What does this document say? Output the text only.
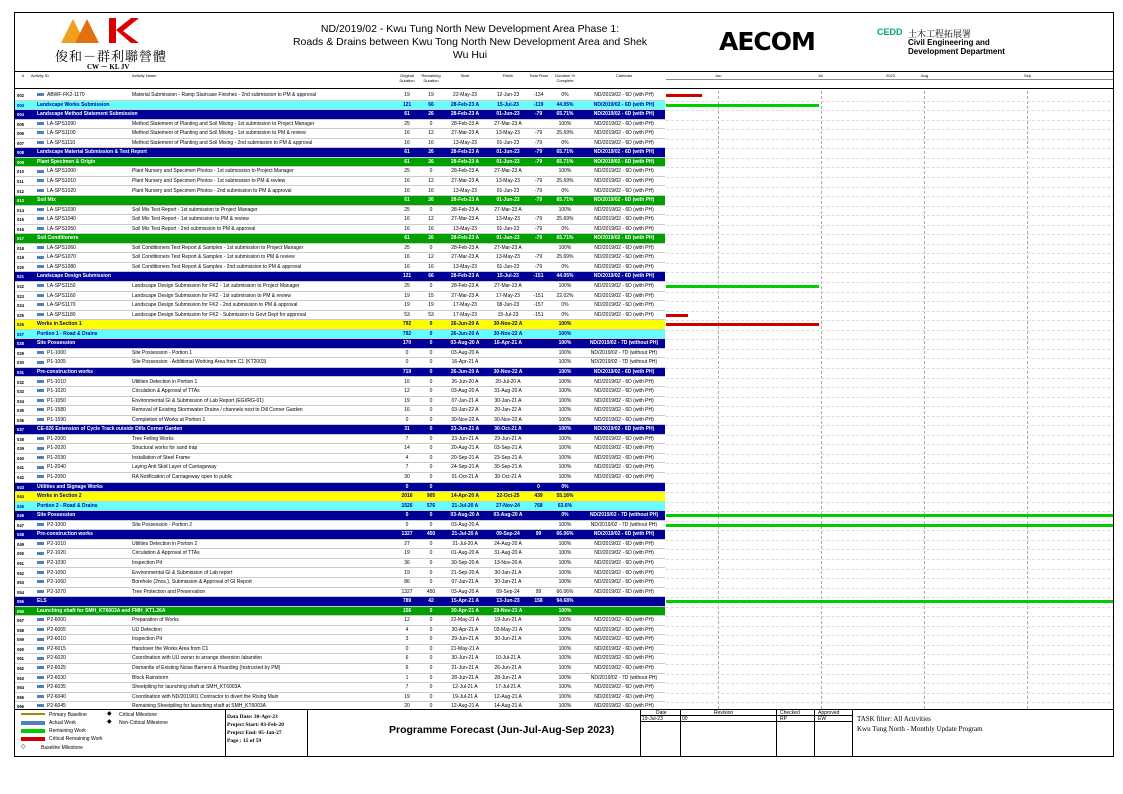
俊和－群利聯營體
CW － KL JV
ND/2019/02 - Kwu Tung North New Development Area Phase 1:
Roads & Drains between Kwu Tong North New Development Area and Shek Wu Hui	AECOM	CEDD 土木工程拓展署
Civil Engineering and
Development Department
#	Activity ID	Activity Name	Original Duration
Remaining Duration
Start	Finish	Total Float	Duration % Complete
Calendar	2023
Jun	Jul	Aug	Sep
002	ABWF-FK2-1170	Material Submission - Ramp Staircase Finishes - 2nd submission to PM & approval	19	19	22-May-23	12-Jun-23	-134	0%	ND/2019/02 - 6D (with PH)
003	Landscape Works Submission	121	66	28-Feb-23 A	15-Jul-23	-119	44.05%	ND/2019/02 - 6D (with PH)
004	Landscape Method Statement Submission	61	26	28-Feb-23 A	01-Jun-23	-79	65.71%	ND/2019/02 - 6D (with PH)
005	LA-SPS1090	Method Statement of Planting and Soil Mixing - 1st submission to Project Manager	25	0	28-Feb-23 A	27-Mar-23 A	100%	ND/2019/02 - 6D (with PH)
006	LA-SPS1100	Method Statement of Planting and Soil Mixing - 1st submission to PM & review	16	12	27-Mar-23 A	13-May-23	-79	25.69%	ND/2019/02 - 6D (with PH)
007	LA-SPS1110	Method Statement of Planting and Soil Mixing - 2nd submission to PM & approval	16	16	13-May-23	01-Jun-23	-79	0%	ND/2019/02 - 6D (with PH)
008	Landscape Material Submission & Test Report	61	26	28-Feb-23 A	01-Jun-23	-79	65.71%	ND/2019/02 - 6D (with PH)
009	Plant Specimen & Origin	61	26	28-Feb-23 A	01-Jun-23	-79	65.71%	ND/2019/02 - 6D (with PH)
010	LA-SPS1000	Plant Nursery and Specimen Photos - 1st submission to Project Manager	25	0	28-Feb-23 A	27-Mar-23 A	100%	ND/2019/02 - 6D (with PH)
011	LA-SPS1010	Plant Nursery and Specimen Photos - 1st submission to PM & review	16	12	27-Mar-23 A	13-May-23	-79	25.69%	ND/2019/02 - 6D (with PH)
012	LA-SPS1020	Plant Nursery and Specimen Photos - 2nd submission to PM & approval	16	16	13-May-23	01-Jun-23	-79	0%	ND/2019/02 - 6D (with PH)
013	Soil Mix	61	26	28-Feb-23 A	01-Jun-23	-79	65.71%	ND/2019/02 - 6D (with PH)
014	LA-SPS1030	Soil Mix Test Report - 1st submission to Project Manager	25	0	28-Feb-23 A	27-Mar-23 A	100%	ND/2019/02 - 6D (with PH)
015	LA-SPS1040	Soil Mix Test Report - 1st submission to PM & review	16	12	27-Mar-23 A	13-May-23	-79	25.69%	ND/2019/02 - 6D (with PH)
016	LA-SPS1050	Soil Mix Test Report - 2nd submission to PM & approval	16	16	13-May-23	01-Jun-23	-79	0%	ND/2019/02 - 6D (with PH)
017	Soil Conditioners	61	26	28-Feb-23 A	01-Jun-23	-79	65.71%	ND/2019/02 - 6D (with PH)
018	LA-SPS1060	Soil Conditioners Test Report & Samples - 1st submission to Project Manager	25	0	28-Feb-23 A	27-Mar-23 A	100%	ND/2019/02 - 6D (with PH)
019	LA-SPS1070	Soil Conditioners Test Report & Samples - 1st submission to PM & review	16	12	27-Mar-23 A	13-May-23	-79	25.69%	ND/2019/02 - 6D (with PH)
020	LA-SPS1080	Soil Conditioners Test Report & Samples - 2nd submission to PM & approval	16	16	13-May-23	01-Jun-23	-79	0%	ND/2019/02 - 6D (with PH)
021	Landscape Design Submission	121	66	28-Feb-23 A	15-Jul-23	-151	44.05%	ND/2019/02 - 6D (with PH)
022	LA-SPS1150	Landscape Design Submission for FK2 - 1st submission to Project Manager	25	0	28-Feb-23 A	27-Mar-23 A	100%	ND/2019/02 - 6D (with PH)
023	LA-SPS1160	Landscape Design Submission for FK2 - 1st submission to PM & review	19	15	27-Mar-23 A	17-May-23	-151	22.02%	ND/2019/02 - 6D (with PH)
024	LA-SPS1170	Landscape Design Submission for FK2 - 2nd submission to PM & approval	19	19	17-May-23	08-Jun-23	-157	0%	ND/2019/02 - 6D (with PH)
025	LA-SPS1180	Landscape Design Submission for FK2 - Submission to Govt Dept for approval	53	53	17-May-23	15-Jul-23	-151	0%	ND/2019/02 - 6D (with PH)
026	Works in Section 1	792	0	26-Jun-20 A	30-Nov-22 A	100%
027	Portion 1 - Road & Drains	792	0	26-Jun-20 A	30-Nov-22 A	100%
028	Site Possession	170	0	03-Aug-20 A	16-Apr-21 A	100%	ND/2019/02 - 7D (without PH)
029	P1-1000	Site Possession - Portion 1	0	0	03-Aug-20 A	100%	ND/2019/02 - 7D (without PH)
030	P1-1005	Site Possession - Additional Working Area from C1 (KT2003)	0	0	16-Apr-21 A	100%	ND/2019/02 - 7D (without PH)
031	Pre-construction works	719	0	26-Jun-20 A	30-Nov-22 A	100%	ND/2019/02 - 6D (with PH)
032	P1-1010	Utilities Detection in Portion 1	16	0	26-Jun-20 A	20-Jul-20 A	100%	ND/2019/02 - 6D (with PH)
033	P1-1020	Circulation & Approval of TTAs	12	0	03-Aug-20 A	31-Aug-20 A	100%	ND/2019/02 - 6D (with PH)
034	P1-1050	Environmental GI & Submission of Lab Report (EGI/RG-01)	19	0	07-Jan-21 A	30-Jan-21 A	100%	ND/2019/02 - 6D (with PH)
035	P1-1580	Removal of Existing Stormwater Drains / channels next to Dill Corner Garden	16	0	03-Jan-22 A	20-Jan-22 A	100%	ND/2019/02 - 6D (with PH)
036	P1-1590	Completion of Works at Portion 1	0	0	30-Nov-22 A	30-Nov-22 A	100%	ND/2019/02 - 6D (with PH)
037	CE-026 Extension of Cycle Track outside Dills Corner Garden	31	0	23-Jun-21 A	30-Oct-21 A	100%	ND/2019/02 - 6D (with PH)
038	P1-2000	Tree Felling Works	7	0	23-Jun-21 A	29-Jun-21 A	100%	ND/2019/02 - 6D (with PH)
039	P1-2020	Structural works for sand trap	14	0	20-Aug-21 A	03-Sep-21 A	100%	ND/2019/02 - 6D (with PH)
040	P1-2030	Installation of Steel Frame	4	0	20-Sep-21 A	23-Sep-21 A	100%	ND/2019/02 - 6D (with PH)
041	P1-2040	Laying Anti Skid Layer of Carriageway	7	0	24-Sep-21 A	30-Sep-21 A	100%	ND/2019/02 - 6D (with PH)
042	P1-2050	RA Notification of Carriageway open to public	30	0	01-Oct-21 A	30-Oct-21 A	100%	ND/2019/02 - 6D (with PH)
043	Utilities and Signage Works	0	0	0	0%
044	Works in Section 2	2016	905	14-Apr-20 A	22-Oct-25	439	55.16%
045	Portion 2 - Road & Drains	1526	576	21-Jul-20 A	27-Nov-24	768	63.6%
046	Site Possession	0	0	03-Aug-20 A	03-Aug-20 A	0%	ND/2019/02 - 7D (without PH)
047	P2-1000	Site Possession - Portion 2	0	0	03-Aug-20 A	100%	ND/2019/02 - 7D (without PH)
048	Pre-construction works	1327	450	21-Jul-20 A	09-Sep-24	99	66.06%	ND/2019/02 - 6D (with PH)
049	P2-1010	Utilities Detection in Portion 2	27	0	21-Jul-20 A	24-Aug-20 A	100%	ND/2019/02 - 6D (with PH)
050	P2-1020	Circulation & Approval of TTAs	19	0	01-Aug-20 A	31-Aug-20 A	100%	ND/2019/02 - 6D (with PH)
051	P2-1030	Inspection Pit	36	0	30-Sep-20 A	13-Nov-20 A	100%	ND/2019/02 - 6D (with PH)
052	P2-1050	Environmental GI & Submission of Lab report	19	0	21-Sep-20 A	30-Jan-21 A	100%	ND/2019/02 - 6D (with PH)
053	P2-1060	Borehole (2nos.), Submission & Approval of GI Report	86	0	07-Jan-21 A	30-Jan-21 A	100%	ND/2019/02 - 6D (with PH)
054	P2-1070	Tree Protection and Preservation	1327	450	03-Aug-20 A	09-Sep-24	99	66.06%	ND/2019/02 - 6D (with PH)
055	ELS	789	42	15-Apr-21 A	13-Jun-23	158	94.68%
056	Launching shaft for SMH_KT6003A and FMH_KT1.26A	156	0	30-Apr-21 A	29-Nov-21 A	100%
057	P2-6000	Preparation of Works	12	0	22-May-21 A	19-Jun-21 A	100%	ND/2019/02 - 6D (with PH)
058	P2-6005	UU Detection	4	0	30-Apr-21 A	03-May-21 A	100%	ND/2019/02 - 6D (with PH)
059	P2-6010	Inspection Pit	3	0	29-Jun-21 A	30-Jun-21 A	100%	ND/2019/02 - 6D (with PH)
060	P2-6015	Handover the Works Area from C1	0	0	21-May-21 A	100%	ND/2019/02 - 6D (with PH)
061	P2-6020	Coordination with UU owner to arrange diversion /abandon	6	0	30-Jun-21 A	10-Jul-21 A	100%	ND/2019/02 - 6D (with PH)
062	P2-6025	Dismantle of Existing Noise Barriers & Hoarding (Instructed by PM)	6	0	21-Jun-21 A	26-Jun-21 A	100%	ND/2019/02 - 6D (with PH)
063	P2-6030	Block Rainstorm	1	0	28-Jun-21 A	28-Jun-21 A	100%	ND/2019/02 - 7D (without PH)
064	P2-6035	Sheetpiling for launching shaft at SMH_KT6003A	7	0	12-Jul-21 A	17-Jul-21 A	100%	ND/2019/02 - 6D (with PH)
065	P2-6040	Coordination with ND/2019/01 Contractor to divert the Rising Main	19	0	19-Jul-21 A	12-Aug-21 A	100%	ND/2019/02 - 6D (with PH)
066	P2-6045	Remaining Sheetpiling for launching shaft at SMH_KT6003A	20	0	12-Aug-21 A	14-Aug-21 A	100%	ND/2019/02 - 6D (with PH)
Primary Baseline
Actual Work
Remaining Work
Critical Remaining Work
◇	Baseline Milestone
◆ Critical Milestone
◆ Non-Critical Milestone
Data Date: 30-Apr-23
Project Start: 03-Feb-20
Project End: 05-Jan-27
Page : 15 of 59
Programme Forecast (Jun-Jul-Aug-Sep 2023)
Date	Revision	Checked	Approved
19-Jul-23	00	RP	EW	TASK filter: All Activities
Kwu Tung North - Monthly Update Program
